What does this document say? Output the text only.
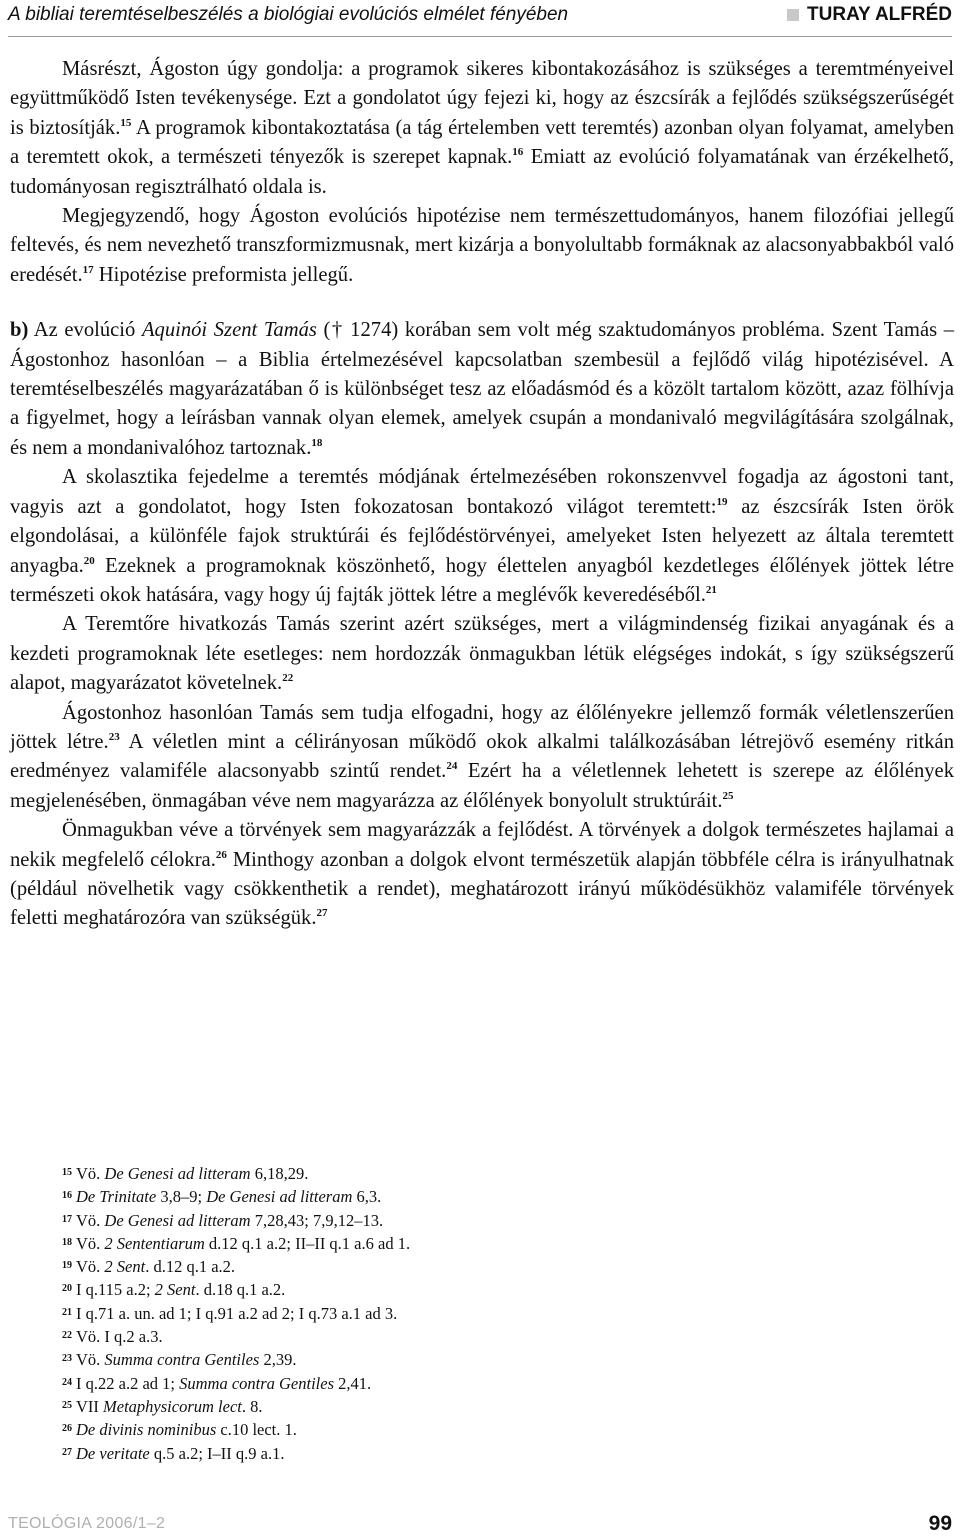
A bibliai teremtéselbeszélés a biológiai evolúciós elmélet fényében	TURAY ALFRÉD

Másrészt, Ágoston úgy gondolja: a programok sikeres kibontakozásához is szükséges a teremtményeivel együttműködő Isten tevékenysége. Ezt a gondolatot úgy fejezi ki, hogy az észcsírák a fejlődés szükségszerűségét is biztosítják.$^{15}$ A programok kibontakoztatása (a tág értelemben vett teremtés) azonban olyan folyamat, amelyben a teremtett okok, a természeti tényezők is szerepet kapnak.$^{16}$ Emiatt az evolúció folyamatának van érzékelhető, tudományosan regisztrálható oldala is.

Megjegyzendő, hogy Ágoston evolúciós hipotézise nem természettudományos, hanem filozófiai jellegű feltevés, és nem nevezhető transzformizmusnak, mert kizárja a bonyolultabb formáknak az alacsonyabbakból való eredését.$^{17}$ Hipotézise preformista jellegű.

b) Az evolúció Aquinói Szent Tamás († 1274) korában sem volt még szaktudományos probléma. Szent Tamás – Ágostonhoz hasonlóan – a Biblia értelmezésével kapcsolatban szembesül a fejlődő világ hipotézisével. A teremtéselbeszélés magyarázatában ő is különbséget tesz az előadásmód és a közölt tartalom között, azaz fölhívja a figyelmet, hogy a leírásban vannak olyan elemek, amelyek csupán a mondanivaló megvilágítására szolgálnak, és nem a mondanivalóhoz tartoznak.$^{18}$

A skolasztika fejedelme a teremtés módjának értelmezésében rokonszenvvel fogadja az ágostoni tant, vagyis azt a gondolatot, hogy Isten fokozatosan bontakozó világot teremtett:$^{19}$ az észcsírák Isten örök elgondolásai, a különféle fajok struktúrái és fejlődéstörvényei, amelyeket Isten helyezett az általa teremtett anyagba.$^{20}$ Ezeknek a programoknak köszönhető, hogy élettelen anyagból kezdetleges élőlények jöttek létre természeti okok hatására, vagy hogy új fajták jöttek létre a meglévők keveredéséből.$^{21}$

A Teremtőre hivatkozás Tamás szerint azért szükséges, mert a világmindenség fizikai anyagának és a kezdeti programoknak léte esetleges: nem hordozzák önmagukban létük elégséges indokát, s így szükségszerű alapot, magyarázatot követelnek.$^{22}$

Ágostonhoz hasonlóan Tamás sem tudja elfogadni, hogy az élőlényekre jellemző formák véletlenszerűen jöttek létre.$^{23}$ A véletlen mint a célirányosan működő okok alkalmi találkozásában létrejövő esemény ritkán eredményez valamiféle alacsonyabb szintű rendet.$^{24}$ Ezért ha a véletlennek lehetett is szerepe az élőlények megjelenésében, önmagában véve nem magyarázza az élőlények bonyolult struktúráit.$^{25}$

Önmagukban véve a törvények sem magyarázzák a fejlődést. A törvények a dolgok természetes hajlamai a nekik megfelelő célokra.$^{26}$ Minthogy azonban a dolgok elvont természetük alapján többféle célra is irányulhatnak (például növelhetik vagy csökkenthetik a rendet), meghatározott irányú működésükhöz valamiféle törvények feletti meghatározóra van szükségük.$^{27}$

$^{15}$ Vö. De Genesi ad litteram 6,18,29.
$^{16}$ De Trinitate 3,8–9; De Genesi ad litteram 6,3.
$^{17}$ Vö. De Genesi ad litteram 7,28,43; 7,9,12–13.
$^{18}$ Vö. 2 Sententiarum d.12 q.1 a.2; II–II q.1 a.6 ad 1.
$^{19}$ Vö. 2 Sent. d.12 q.1 a.2.
$^{20}$ I q.115 a.2; 2 Sent. d.18 q.1 a.2.
$^{21}$ I q.71 a. un. ad 1; I q.91 a.2 ad 2; I q.73 a.1 ad 3.
$^{22}$ Vö. I q.2 a.3.
$^{23}$ Vö. Summa contra Gentiles 2,39.
$^{24}$ I q.22 a.2 ad 1; Summa contra Gentiles 2,41.
$^{25}$ VII Metaphysicorum lect. 8.
$^{26}$ De divinis nominibus c.10 lect. 1.
$^{27}$ De veritate q.5 a.2; I–II q.9 a.1.
TEOLÓGIA 2006/1–2	99
